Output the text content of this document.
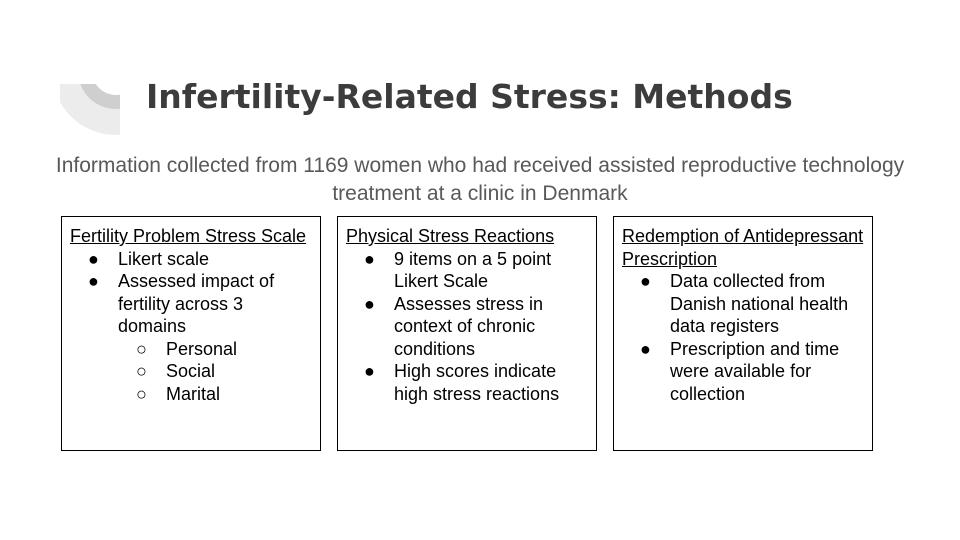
Infertility-Related Stress: Methods

Information collected from 1169 women who had received assisted reproductive technology treatment at a clinic in Denmark

Fertility Problem Stress Scale
● Likert scale
● Assessed impact of fertility across 3 domains
○ Personal
○ Social
○ Marital
Physical Stress Reactions
● 9 items on a 5 point Likert Scale
● Assesses stress in context of chronic conditions
● High scores indicate high stress reactions
Redemption of Antidepressant Prescription
● Data collected from Danish national health data registers
● Prescription and time were available for collection
